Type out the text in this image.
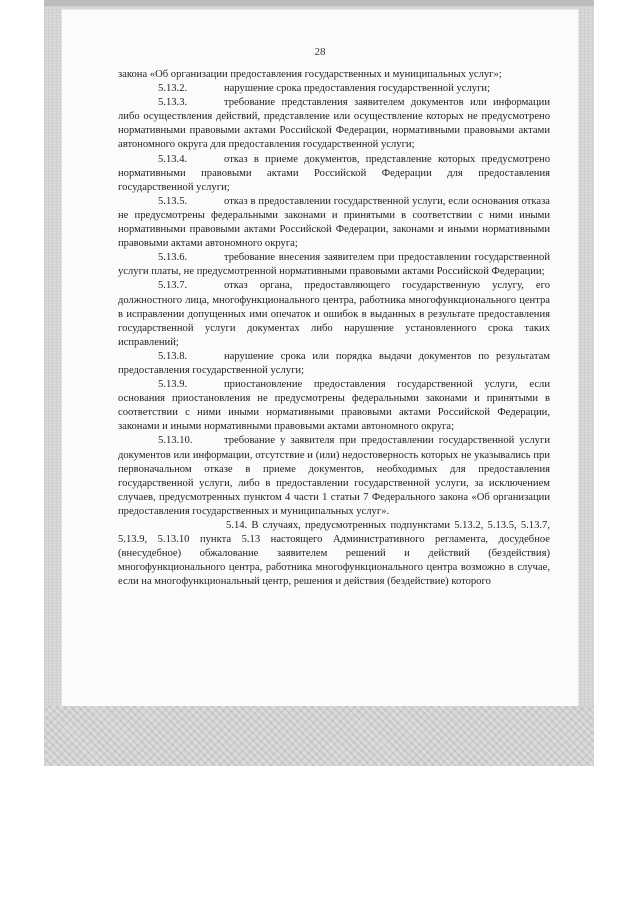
28

закона «Об организации предоставления государственных и муниципальных услуг»;

5.13.2.	нарушение срока предоставления государственной услуги;

5.13.3.	требование представления заявителем документов или информации либо осуществления действий, представление или осуществление которых не предусмотрено нормативными правовыми актами Российской Федерации, нормативными правовыми актами автономного округа для предоставления государственной услуги;

5.13.4.	отказ в приеме документов, представление которых предусмотрено нормативными правовыми актами Российской Федерации для предоставления государственной услуги;

5.13.5.	отказ в предоставлении государственной услуги, если основания отказа не предусмотрены федеральными законами и принятыми в соответствии с ними иными нормативными правовыми актами Российской Федерации, законами и иными нормативными правовыми актами автономного округа;

5.13.6.	требование внесения заявителем при предоставлении государственной услуги платы, не предусмотренной нормативными правовыми актами Российской Федерации;

5.13.7.	отказ органа, предоставляющего государственную услугу, его должностного лица, многофункционального центра, работника многофункционального центра в исправлении допущенных ими опечаток и ошибок в выданных в результате предоставления государственной услуги документах либо нарушение установленного срока таких исправлений;

5.13.8.	нарушение срока или порядка выдачи документов по результатам предоставления государственной услуги;

5.13.9.	приостановление предоставления государственной услуги, если основания приостановления не предусмотрены федеральными законами и принятыми в соответствии с ними иными нормативными правовыми актами Российской Федерации, законами и иными нормативными правовыми актами автономного округа;

5.13.10.	требование у заявителя при предоставлении государственной услуги документов или информации, отсутствие и (или) недостоверность которых не указывались при первоначальном отказе в приеме документов, необходимых для предоставления государственной услуги, либо в предоставлении государственной услуги, за исключением случаев, предусмотренных пунктом 4 части 1 статьи 7 Федерального закона «Об организации предоставления государственных и муниципальных услуг».

5.14. В случаях, предусмотренных подпунктами 5.13.2, 5.13.5, 5.13.7, 5.13.9, 5.13.10 пункта 5.13 настоящего Административного регламента, досудебное (внесудебное) обжалование заявителем решений и действий (бездействия) многофункционального центра, работника многофункционального центра возможно в случае, если на многофункциональный центр, решения и действия (бездействие) которого
